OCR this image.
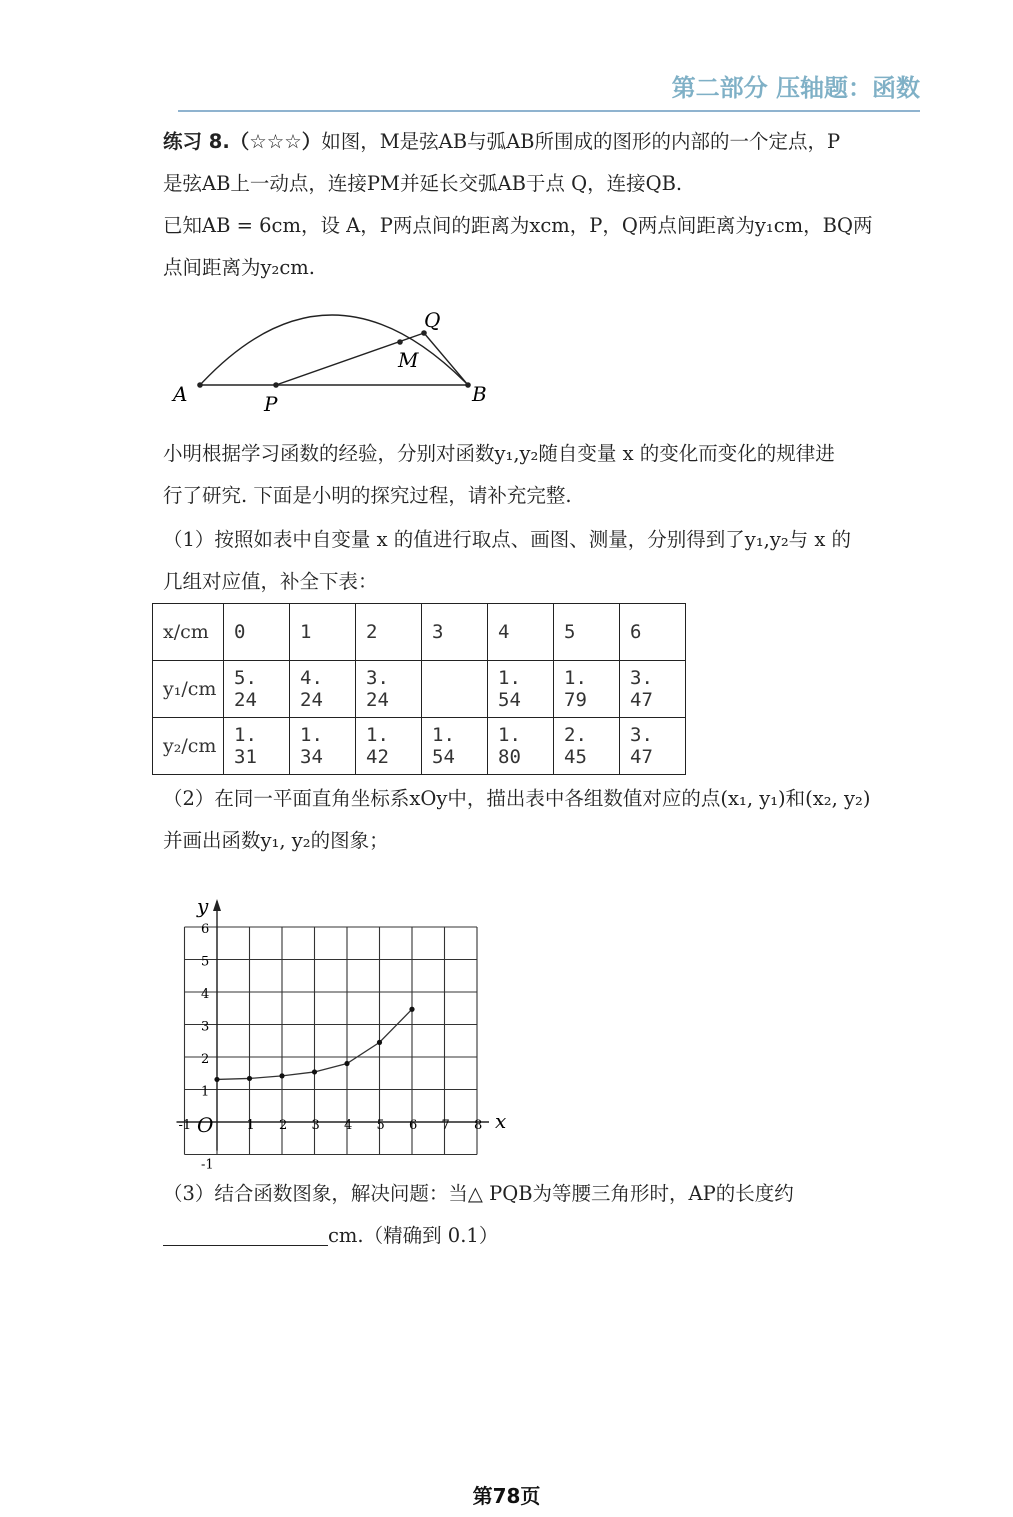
第二部分 压轴题：函数
练习 8.（☆☆☆）如图，M是弦AB与弧AB所围成的图形的内部的一个定点，P
是弦AB上一动点，连接PM并延长交弧AB于点 Q，连接QB.
已知AB = 6cm，设 A，P两点间的距离为xcm，P，Q两点间距离为y₁cm，BQ两
点间距离为y₂cm.
A	P
M
Q
B
小明根据学习函数的经验，分别对函数y₁,y₂随自变量 x 的变化而变化的规律进
行了研究. 下面是小明的探究过程，请补充完整.
（1）按照如表中自变量 x 的值进行取点、画图、测量，分别得到了y₁,y₂与 x 的
几组对应值，补全下表：
x/cm	0	1	2	3	4	5	6
y₁/cm	5. 24	4. 24	3. 24		1. 54	1. 79	3. 47
y₂/cm	1. 31	1. 34	1. 42	1. 54	1. 80	2. 45	3. 47
（2）在同一平面直角坐标系xOy中，描出表中各组数值对应的点(x₁, y₁)和(x₂, y₂)
并画出函数y₁, y₂的图象；
x
y
O
-1	1 2 3 4 5 6 7 8
-1
1
2
3
4
5
6
（3）结合函数图象，解决问题：当△ PQB为等腰三角形时，AP的长度约
cm.（精确到 0.1）
第78页
